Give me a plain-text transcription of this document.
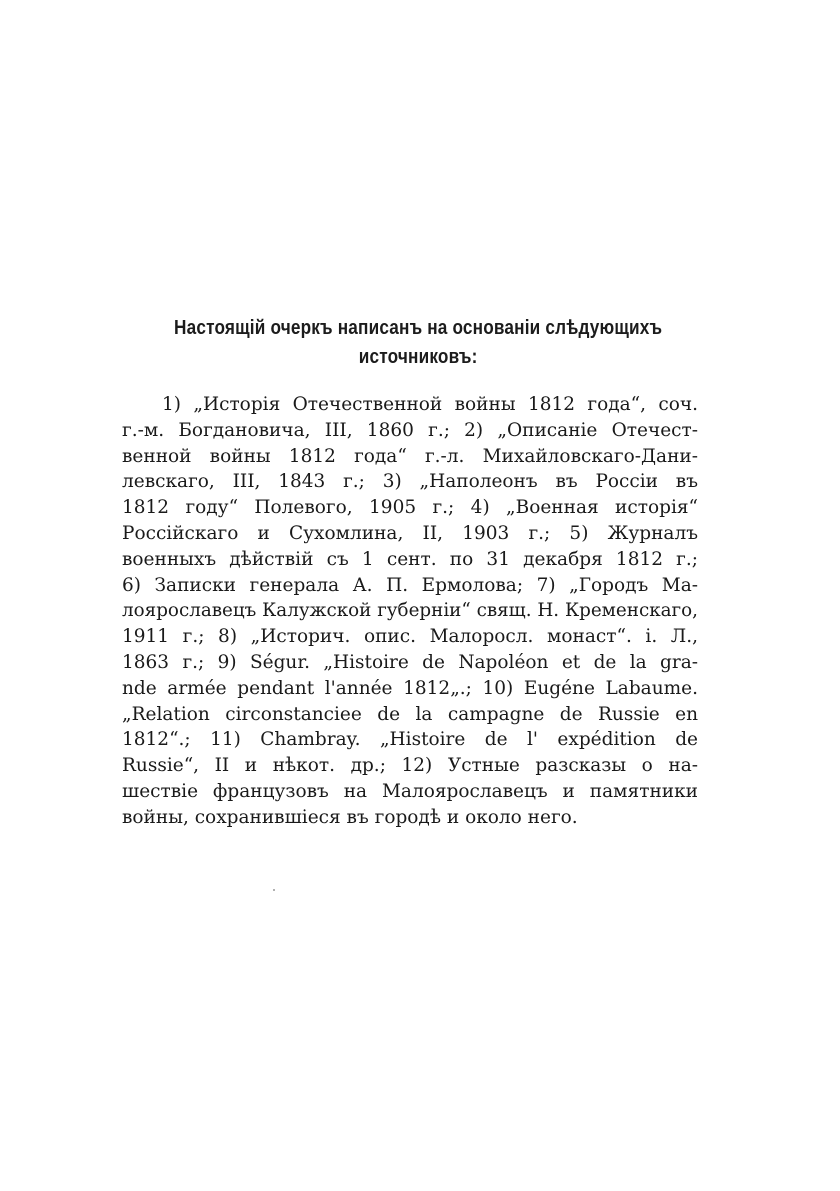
Настоящій очеркъ написанъ на основаніи слѣдующихъ
источниковъ:
1) „Исторія Отечественной войны 1812 года“, соч.
г.-м. Богдановича, III, 1860 г.; 2) „Описаніе Отечест-
венной войны 1812 года“ г.-л. Михайловскаго-Дани-
левскаго, III, 1843 г.; 3) „Наполеонъ въ Россіи въ
1812 году“ Полевого, 1905 г.; 4) „Военная исторія“
Россійскаго и Сухомлина, II, 1903 г.; 5) Журналъ
военныхъ дѣйствій съ 1 сент. по 31 декабря 1812 г.;
6) Записки генерала А. П. Ермолова; 7) „Городъ Ма-
лоярославецъ Калужской губерніи“ свящ. Н. Кременскаго,
1911 г.; 8) „Историч. опис. Малоросл. монаст“. і. Л.,
1863 г.; 9) Ségur. „Histoire de Napoléon et de la gra-
nde armée pendant l'année 1812„.; 10) Eugéne Labaume.
„Relation circonstanciee de la campagne de Russie en
1812“.; 11) Chambray. „Histoire de l' expédition de
Russie“, II и нѣкот. др.; 12) Устные разсказы о на-
шествіе французовъ на Малоярославецъ и памятники
войны, сохранившіеся въ городѣ и около него.
